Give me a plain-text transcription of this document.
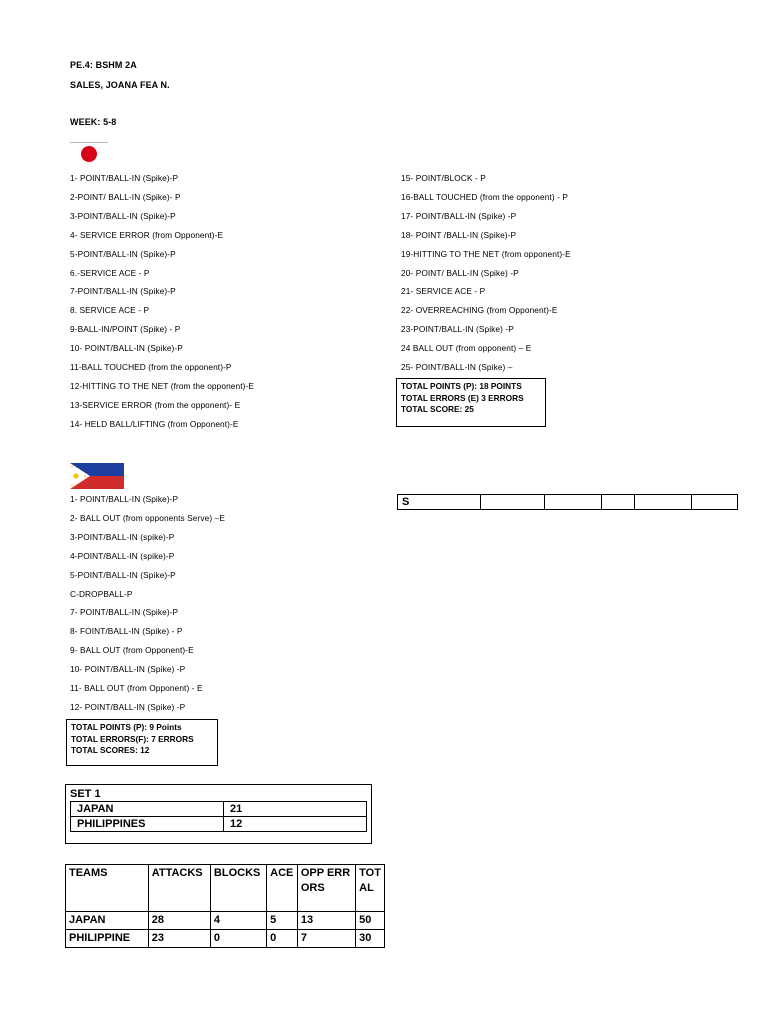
PE.4: BSHM 2A
SALES, JOANA FEA N.
WEEK: 5-8
1- POINT/BALL-IN (Spike)-P
2-POINT/ BALL-IN (Spike)- P
3-POINT/BALL-IN (Spike)-P
4- SERVICE ERROR (from Opponent)-E
5-POINT/BALL-IN (Spike)-P
6.-SERVICE ACE - P
7-POINT/BALL-IN (Spike)-P
8. SERVICE ACE - P
9-BALL-IN/POINT (Spike) - P
10- POINT/BALL-IN (Spike)-P
11-BALL TOUCHED (from the opponent)-P
12-HITTING TO THE NET (from the opponent)-E
13-SERVICE ERROR (from the opponent)- E
14- HELD BALL/LIFTING (from Opponent)-E
15- POINT/BLOCK - P
16-BALL TOUCHED (from the opponent) - P
17- POINT/BALL-IN (Spike) -P
18- POINT /BALL-IN (Spike)-P
19-HITTING TO THE NET (from opponent)-E
20- POINT/ BALL-IN (Spike) -P
21- SERVICE ACE - P
22- OVERREACHING (from Opponent)-E
23-POINT/BALL-IN (Spike) -P
24 BALL OUT (from opponent) – E
25- POINT/BALL-IN (Spike) –
TOTAL POINTS (P): 18 POINTS
TOTAL ERRORS (E) 3 ERRORS
TOTAL SCORE: 25
S					
1- POINT/BALL-IN (Spike)-P
2- BALL OUT (from opponents Serve) –E
3-POINT/BALL-IN (spike)-P
4-POINT/BALL-IN (spike)-P
5-POINT/BALL-IN (Spike)-P
C-DROPBALL-P
7- POINT/BALL-IN (Spike)-P
8- FOINT/BALL-IN (Spike) - P
9- BALL OUT (from Opponent)-E
10- POINT/BALL-IN (Spike) -P
11- BALL OUT (from Opponent) - E
12- POINT/BALL-IN (Spike) -P
TOTAL POINTS (P): 9 Points
TOTAL ERRORS(F): 7 ERRORS
TOTAL SCORES: 12
SET 1
JAPAN	21
PHILIPPINES	12
TEAMS	ATTACKS	BLOCKS	ACE	OPP ERRORS	TOTAL

JAPAN	28	4	5	13	50
PHILIPPINE	23	0	0	7	30
